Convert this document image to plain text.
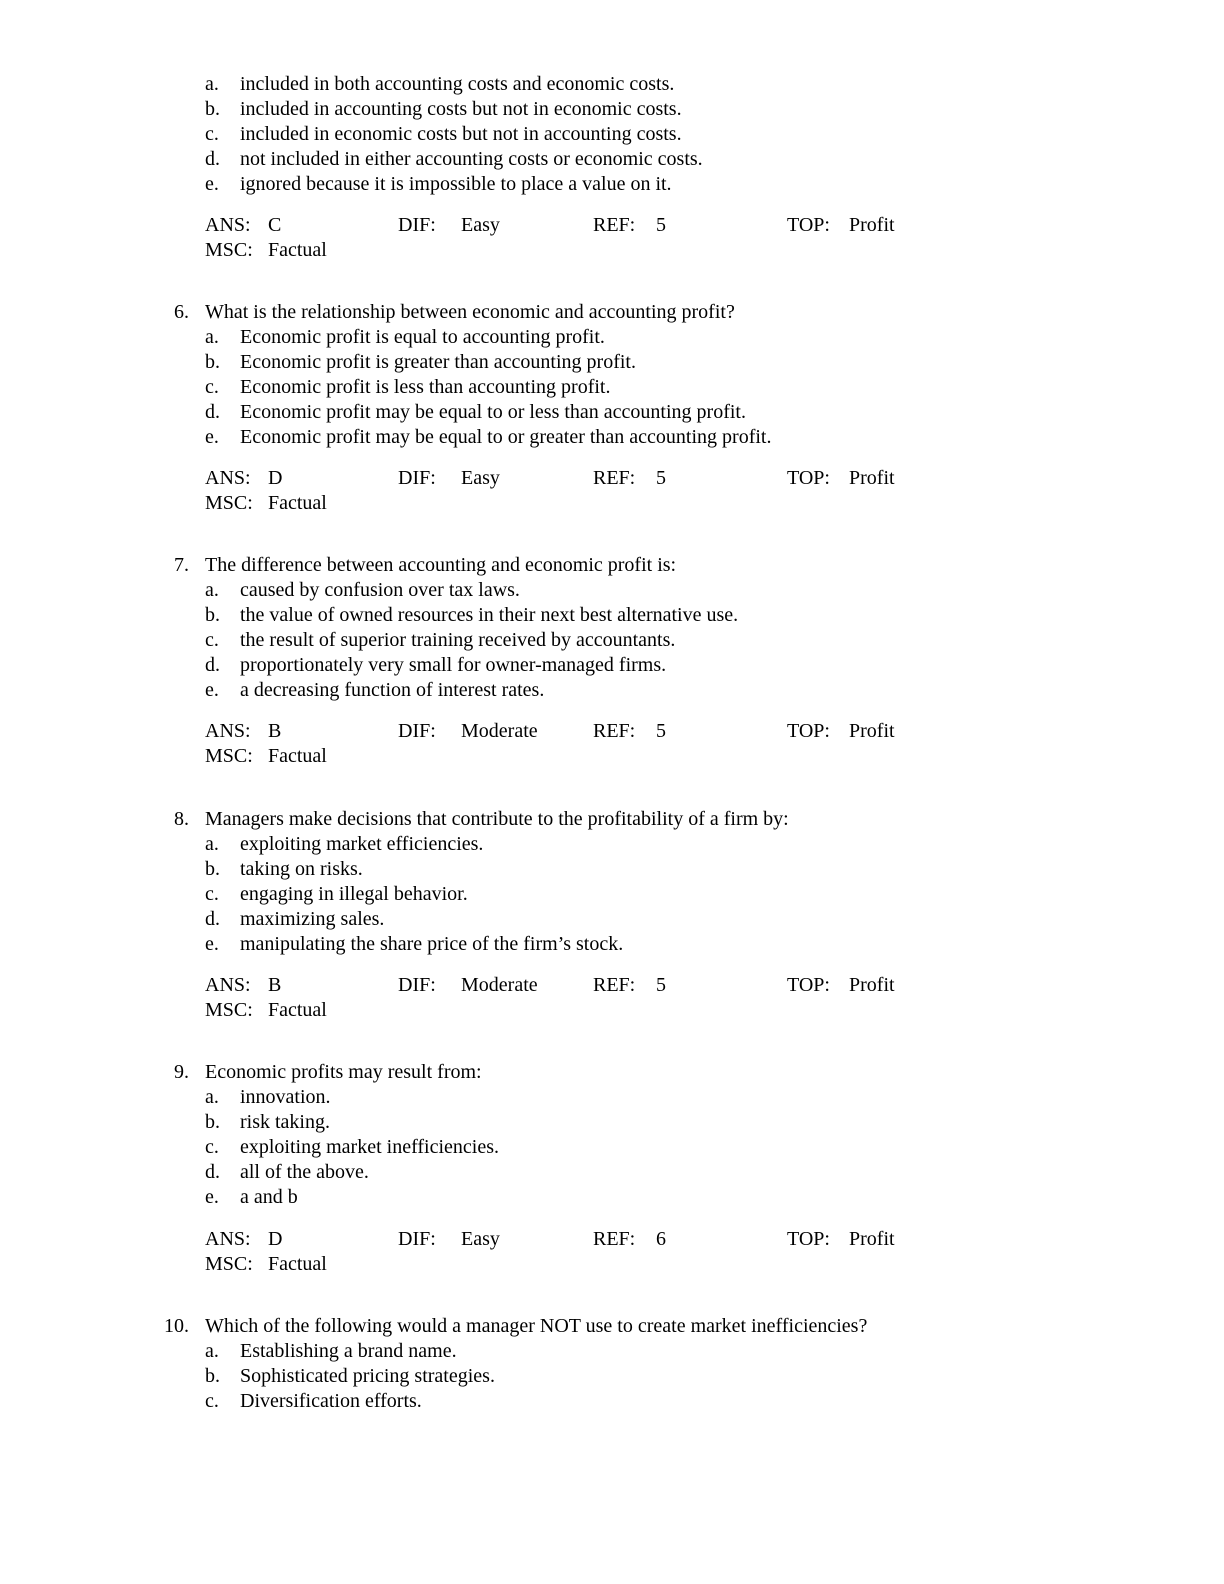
a.	included in both accounting costs and economic costs.
b.	included in accounting costs but not in economic costs.
c.	included in economic costs but not in accounting costs.
d.	not included in either accounting costs or economic costs.
e.	ignored because it is impossible to place a value on it.
ANS: C	DIF: Easy	REF: 5	TOP: Profit
MSC: Factual
6. What is the relationship between economic and accounting profit?
a.	Economic profit is equal to accounting profit.
b.	Economic profit is greater than accounting profit.
c.	Economic profit is less than accounting profit.
d.	Economic profit may be equal to or less than accounting profit.
e.	Economic profit may be equal to or greater than accounting profit.
ANS: D	DIF: Easy	REF: 5	TOP: Profit
MSC: Factual
7. The difference between accounting and economic profit is:
a.	caused by confusion over tax laws.
b.	the value of owned resources in their next best alternative use.
c.	the result of superior training received by accountants.
d.	proportionately very small for owner-managed firms.
e.	a decreasing function of interest rates.
ANS: B	DIF: Moderate	REF: 5	TOP: Profit
MSC: Factual
8. Managers make decisions that contribute to the profitability of a firm by:
a.	exploiting market efficiencies.
b.	taking on risks.
c.	engaging in illegal behavior.
d.	maximizing sales.
e.	manipulating the share price of the firm’s stock.
ANS: B	DIF: Moderate	REF: 5	TOP: Profit
MSC: Factual
9. Economic profits may result from:
a.	innovation.
b.	risk taking.
c.	exploiting market inefficiencies.
d.	all of the above.
e.	a and b
ANS: D	DIF: Easy	REF: 6	TOP: Profit
MSC: Factual
10. Which of the following would a manager NOT use to create market inefficiencies?
a.	Establishing a brand name.
b.	Sophisticated pricing strategies.
c.	Diversification efforts.
